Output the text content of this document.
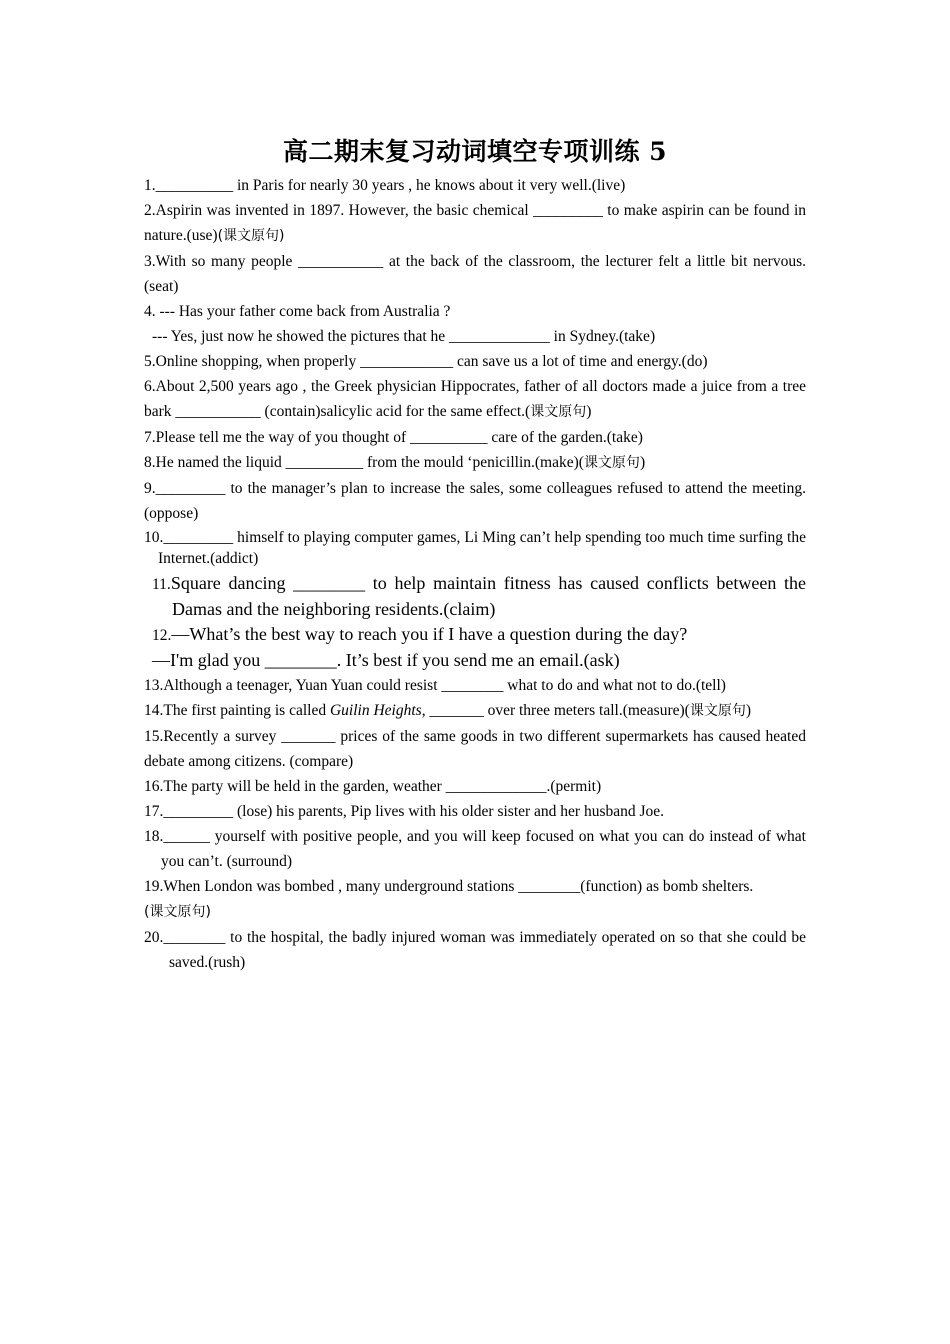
高二期末复习动词填空专项训练 5

1.__________ in Paris for nearly 30 years , he knows about it very well.(live)

2.Aspirin was invented in 1897. However, the basic chemical _________ to make aspirin can be found in nature.(use)(课文原句)

3.With so many people ___________ at the back of the classroom, the lecturer felt a little bit nervous.(seat)

4. --- Has your father come back from Australia ?

--- Yes, just now he showed the pictures that he _____________ in Sydney.(take)

5.Online shopping, when properly ____________ can save us a lot of time and energy.(do)

6.About 2,500 years ago , the Greek physician Hippocrates, father of all doctors made a juice from a tree bark ___________ (contain)salicylic acid for the same effect.(课文原句)

7.Please tell me the way of you thought of __________ care of the garden.(take)

8.He named the liquid __________ from the mould ‘penicillin.(make)(课文原句)

9._________ to the manager’s plan to increase the sales, some colleagues refused to attend the meeting.(oppose)

10._________ himself to playing computer games, Li Ming can’t help spending too much time surfing the Internet.(addict)

11.Square dancing ________ to help maintain fitness has caused conflicts between the Damas and the neighboring residents.(claim)

12.—What’s the best way to reach you if I have a question during the day?

—I'm glad you ________. It’s best if you send me an email.(ask)

13.Although a teenager, Yuan Yuan could resist ________ what to do and what not to do.(tell)

14.The first painting is called Guilin Heights, _______ over three meters tall.(measure)(课文原句)

15.Recently a survey _______ prices of the same goods in two different supermarkets has caused heated debate among citizens. (compare)

16.The party will be held in the garden, weather _____________.(permit)

17._________ (lose) his parents, Pip lives with his older sister and her husband Joe.

18.______ yourself with positive people, and you will keep focused on what you can do instead of what you can’t. (surround)

19.When London was bombed , many underground stations ________(function) as bomb shelters.
(课文原句)

20.________ to the hospital, the badly injured woman was immediately operated on so that she could be saved.(rush)
